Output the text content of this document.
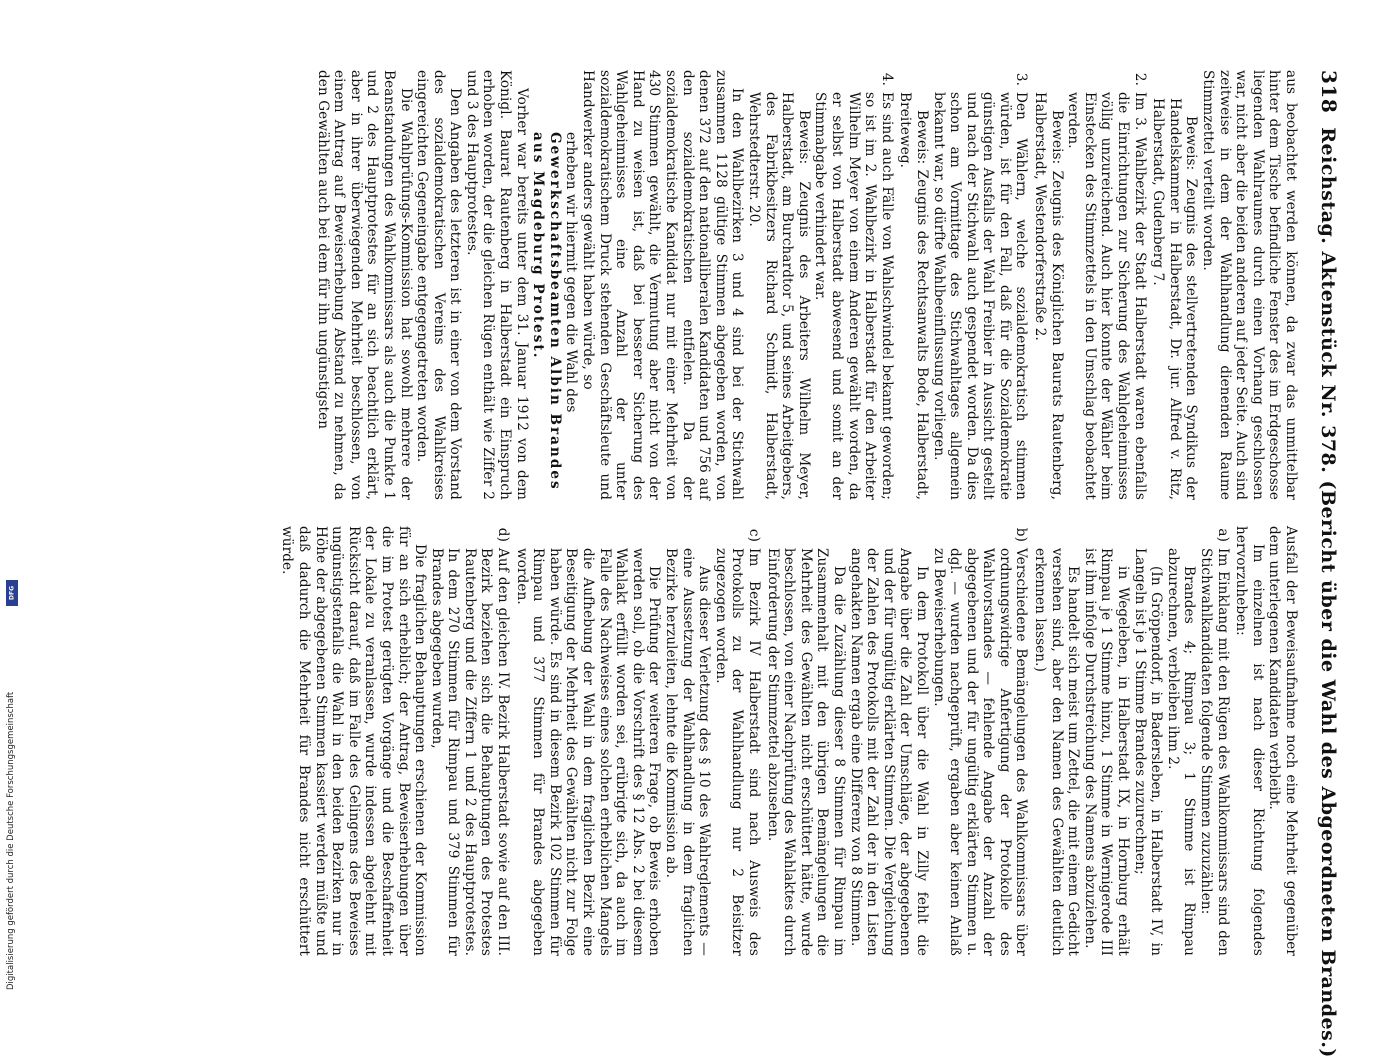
318
Reichstag. Aktenstück Nr. 378. (Bericht über die Wahl des Abgeordneten Brandes.)

aus beobachtet werden können, da zwar das unmittelbar hinter dem Tische befindliche Fenster des im Erdgeschosse liegenden Wahlraumes durch einen Vorhang geschlossen war, nicht aber die beiden anderen auf jeder Seite. Auch sind zeitweise in dem der Wahlhandlung dienenden Raume Stimmzettel verteilt worden.

Beweis: Zeugnis des stellvertretenden Syndikus der Handelskammer in Halberstadt, Dr. jur. Alfred v. Ritz, Halberstadt, Gudenberg 7.

2.

Im 3. Wahlbezirk der Stadt Halberstadt waren ebenfalls die Einrichtungen zur Sicherung des Wahlgeheimnisses völlig unzureichend. Auch hier konnte der Wähler beim Einstecken des Stimmzettels in den Umschlag beobachtet werden.

Beweis: Zeugnis des Königlichen Baurats Rautenberg, Halberstadt, Westendorferstraße 2.

3.

Den Wählern, welche sozialdemokratisch stimmen würden, ist für den Fall, daß für die Sozialdemokratie günstigen Ausfalls der Wahl Freibier in Aussicht gestellt und nach der Stichwahl auch gespendet worden. Da dies schon am Vormittage des Stichwahltages allgemein bekannt war, so dürfte Wahlbeeinflussung vorliegen.

Beweis: Zeugnis des Rechtsanwalts Bode, Halberstadt, Breiteweg.

4.

Es sind auch Fälle von Wahlschwindel bekannt geworden; so ist im 2. Wahlbezirk in Halberstadt für den Arbeiter Wilhelm Meyer von einem Anderen gewählt worden, da er selbst von Halberstadt abwesend und somit an der Stimmabgabe verhindert war.

Beweis: Zeugnis des Arbeiters Wilhelm Meyer, Halberstadt, am Burchardtor 5, und seines Arbeitgebers, des Fabrikbesitzers Richard Schmidt, Halberstadt, Wehrstedterstr. 20.

In den Wahlbezirken 3 und 4 sind bei der Stichwahl zusammen 1128 gültige Stimmen abgegeben worden, von denen 372 auf den nationalliberalen Kandidaten und 756 auf den sozialdemokratischen entfielen. Da der sozialdemokratische Kandidat nur mit einer Mehrheit von 430 Stimmen gewählt, die Vermutung aber nicht von der Hand zu weisen ist, daß bei besserer Sicherung des Wahlgeheimnisses eine Anzahl der unter sozialdemokratischem Druck stehenden Geschäftsleute und Handwerker anders gewählt haben würde, so

erheben wir hiermit gegen die Wahl des

Gewerkschaftsbeamten Albin Brandes

aus Magdeburg Protest.

Vorher war bereits unter dem 31. Januar 1912 von dem Königl. Baurat Rautenberg in Halberstadt ein Einspruch erhoben worden, der die gleichen Rügen enthält wie Ziffer 2 und 3 des Hauptprotestes.

Den Angaben des letzteren ist in einer von dem Vorstand des sozialdemokratischen Vereins des Wahlkreises eingereichten Gegeneingabe entgegengetreten worden.

Die Wahlprüfungs-Kommission hat sowohl mehrere der Beanstandungen des Wahlkommissars als auch die Punkte 1 und 2 des Hauptprotestes für an sich beachtlich erklärt, aber in ihrer überwiegenden Mehrheit beschlossen, von einem Antrag auf Beweiserhebung Abstand zu nehmen, da den Gewählten auch bei dem für ihn ungünstigsten

Ausfall der Beweisaufnahme noch eine Mehrheit gegenüber dem unterlegenen Kandidaten verbleibt.

Im einzelnen ist nach dieser Richtung folgendes hervorzuheben:

a)

Im Einklang mit den Rügen des Wahlkommissars sind den Stichwahlkandidaten folgende Stimmen zuzuzählen:

Brandes 4; Rimpau 3; 1 Stimme ist Rimpau abzurechnen, verbleiben ihm 2.

(In Gröppendorf, in Badersleben, in Halberstadt IV, in Langeln ist je 1 Stimme Brandes zuzurechnen;

in Wegeleben, in Halberstadt IX, in Hornburg erhält Rimpau je 1 Stimme hinzu, 1 Stimme in Wernigerode III ist ihm infolge Durchstreichung des Namens abzuziehen.

Es handelt sich meist um Zettel, die mit einem Gedicht versehen sind, aber den Namen des Gewählten deutlich erkennen lassen.)

b)

Verschiedene Bemängelungen des Wahlkommissars über ordnungswidrige Anfertigung der Protokolle des Wahlvorstandes — fehlende Angabe der Anzahl der abgegebenen und der für ungültig erklärten Stimmen u. dgl. — wurden nachgeprüft, ergaben aber keinen Anlaß zu Beweiserhebungen.

In dem Protokoll über die Wahl in Zilly fehlt die Angabe über die Zahl der Umschläge, der abgegebenen und der für ungültig erklärten Stimmen. Die Vergleichung der Zahlen des Protokolls mit der Zahl der in den Listen angehakten Namen ergab eine Differenz von 8 Stimmen.

Da die Zuzählung dieser 8 Stimmen für Rimpau im Zusammenhalt mit den übrigen Bemängelungen die Mehrheit des Gewählten nicht erschüttert hätte, wurde beschlossen, von einer Nachprüfung des Wahlaktes durch Einforderung der Stimmzettel abzusehen.

c)

Im Bezirk IV Halberstadt sind nach Ausweis des Protokolls zu der Wahlhandlung nur 2 Beisitzer zugezogen worden.

Aus dieser Verletzung des § 10 des Wahlreglements — eine Aussetzung der Wahlhandlung in dem fraglichen Bezirke herzuleiten, lehnte die Kommission ab.

Die Prüfung der weiteren Frage, ob Beweis erhoben werden soll, ob die Vorschrift des § 12 Abs. 2 bei diesem Wahlakt erfüllt worden sei, erübrigte sich, da auch im Falle des Nachweises eines solchen erheblichen Mangels die Aufhebung der Wahl in dem fraglichen Bezirk eine Beseitigung der Mehrheit des Gewählten nicht zur Folge haben würde. Es sind in diesem Bezirk 102 Stimmen für Rimpau und 377 Stimmen für Brandes abgegeben worden.

d)

Auf den gleichen IV. Bezirk Halberstadt sowie auf den III. Bezirk beziehen sich die Behauptungen des Protestes Rautenberg und die Ziffern 1 und 2 des Hauptprotestes. In dem 270 Stimmen für Rimpau und 379 Stimmen für Brandes abgegeben wurden,

Die fraglichen Behauptungen erschienen der Kommission für an sich erheblich; der Antrag, Beweiserhebungen über die im Protest gerügten Vorgänge und die Beschaffenheit der Lokale zu veranlassen, wurde indessen abgelehnt mit Rücksicht darauf, daß im Falle des Gelingens des Beweises ungünstigstenfalls die Wahl in den beiden Bezirken nur in Höhe der abgegebenen Stimmen kassiert werden müßte und daß dadurch die Mehrheit für Brandes nicht erschüttert würde.

DFG
Digitalisierung gefördert durch die Deutsche Forschungsgemeinschaft
